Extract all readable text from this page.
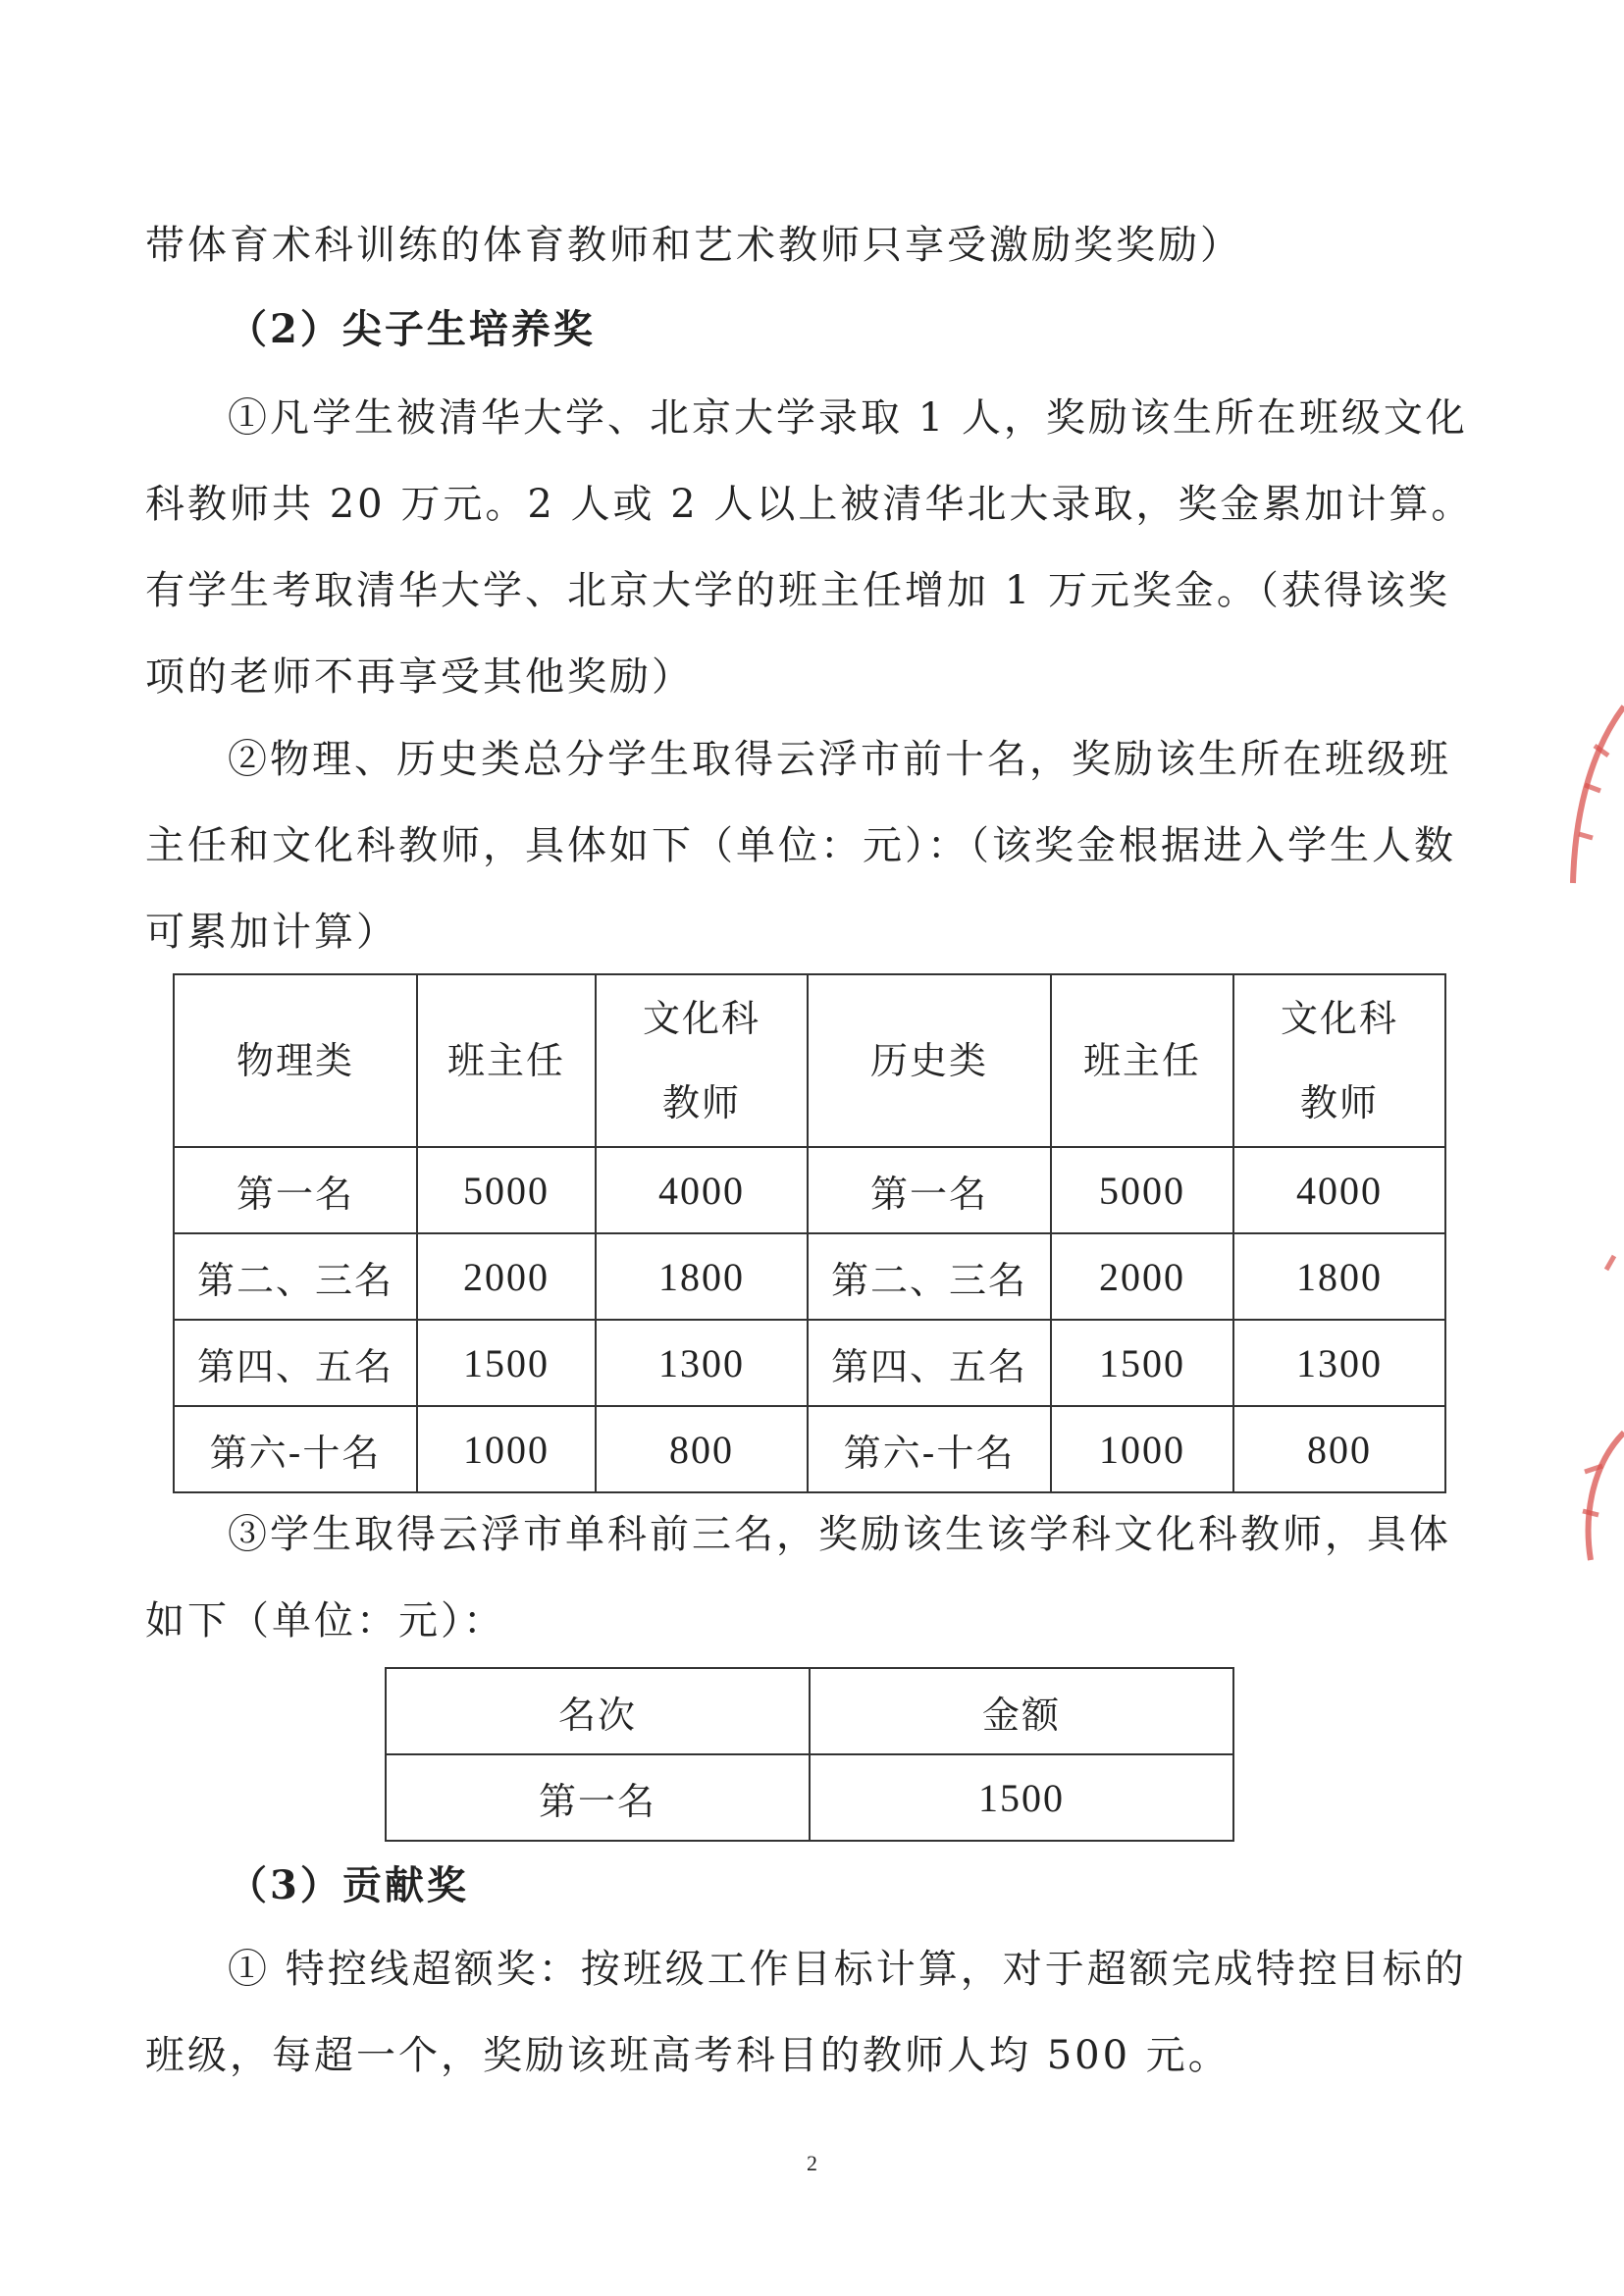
带体育术科训练的体育教师和艺术教师只享受激励奖奖励）

（2）尖子生培养奖

①凡学生被清华大学、北京大学录取 1 人，奖励该生所在班级文化科教师共 20 万元。2 人或 2 人以上被清华北大录取，奖金累加计算。有学生考取清华大学、北京大学的班主任增加 1 万元奖金。（获得该奖项的老师不再享受其他奖励）

②物理、历史类总分学生取得云浮市前十名，奖励该生所在班级班主任和文化科教师，具体如下（单位：元）：（该奖金根据进入学生人数可累加计算）

物理类	班主任	文化科教师	历史类	班主任	文化科教师

第一名	5000	4000	第一名	5000	4000
第二、三名	2000	1800	第二、三名	2000	1800
第四、五名	1500	1300	第四、五名	1500	1300
第六-十名	1000	800	第六-十名	1000	800

③学生取得云浮市单科前三名，奖励该生该学科文化科教师，具体如下（单位：元）：

名次	金额
第一名	1500

（3）贡献奖

① 特控线超额奖：按班级工作目标计算，对于超额完成特控目标的班级，每超一个，奖励该班高考科目的教师人均 500 元。

2
